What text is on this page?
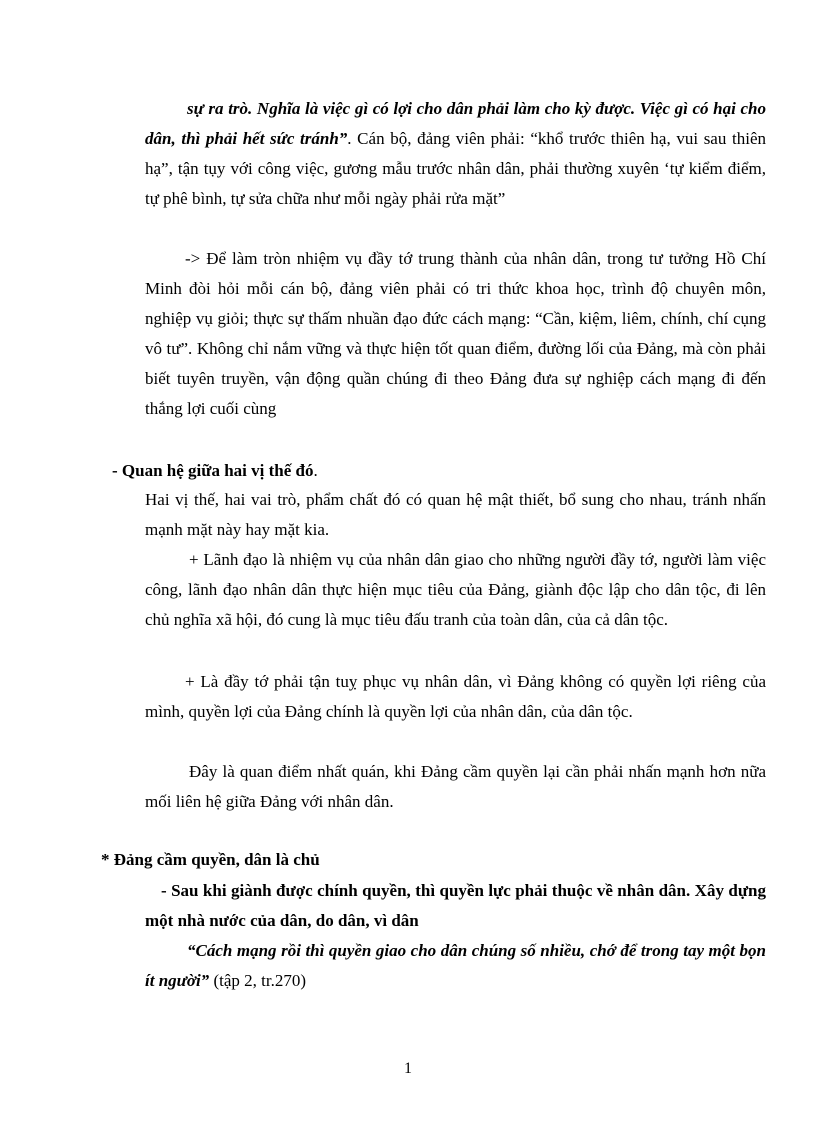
sự ra trò. Nghĩa là việc gì có lợi cho dân phải làm cho kỳ được. Việc gì có hại cho dân, thì phải hết sức tránh”. Cán bộ, đảng viên phải: “khổ trước thiên hạ, vui sau thiên hạ”, tận tụy với công việc, gương mẫu trước nhân dân, phải thường xuyên ‘tự kiểm điểm, tự phê bình, tự sửa chữa như mỗi ngày phải rửa mặt”

-> Để làm tròn nhiệm vụ đầy tớ trung thành của nhân dân, trong tư tưởng Hồ Chí Minh đòi hỏi mỗi cán bộ, đảng viên phải có tri thức khoa học, trình độ chuyên môn, nghiệp vụ giỏi; thực sự thấm nhuần đạo đức cách mạng: “Cần, kiệm, liêm, chính, chí cụng vô tư”. Không chỉ nắm vững và thực hiện tốt quan điểm, đường lối của Đảng, mà còn phải biết tuyên truyền, vận động quần chúng đi theo Đảng đưa sự nghiệp cách mạng đi đến thắng lợi cuối cùng

- Quan hệ giữa hai vị thế đó.

Hai vị thế, hai vai trò, phẩm chất đó có quan hệ mật thiết, bổ sung cho nhau, tránh nhấn mạnh mặt này hay mặt kia.

+ Lãnh đạo là nhiệm vụ của nhân dân giao cho những người đầy tớ, người làm việc công, lãnh đạo nhân dân thực hiện mục tiêu của Đảng, giành độc lập cho dân tộc, đi lên chủ nghĩa xã hội, đó cung là mục tiêu đấu tranh của toàn dân, của cả dân tộc.

+ Là đầy tớ phải tận tuỵ phục vụ nhân dân, vì Đảng không có quyền lợi riêng của mình, quyền lợi của Đảng chính là quyền lợi của nhân dân, của dân tộc.

Đây là quan điểm nhất quán, khi Đảng cầm quyền lại cần phải nhấn mạnh hơn nữa mối liên hệ giữa Đảng với nhân dân.

* Đảng cầm quyền, dân là chủ

- Sau khi giành được chính quyền, thì quyền lực phải thuộc về nhân dân. Xây dựng một nhà nước của dân, do dân, vì dân

“Cách mạng rồi thì quyền giao cho dân chúng số nhiều, chớ để trong tay một bọn ít người” (tập 2, tr.270)

1
